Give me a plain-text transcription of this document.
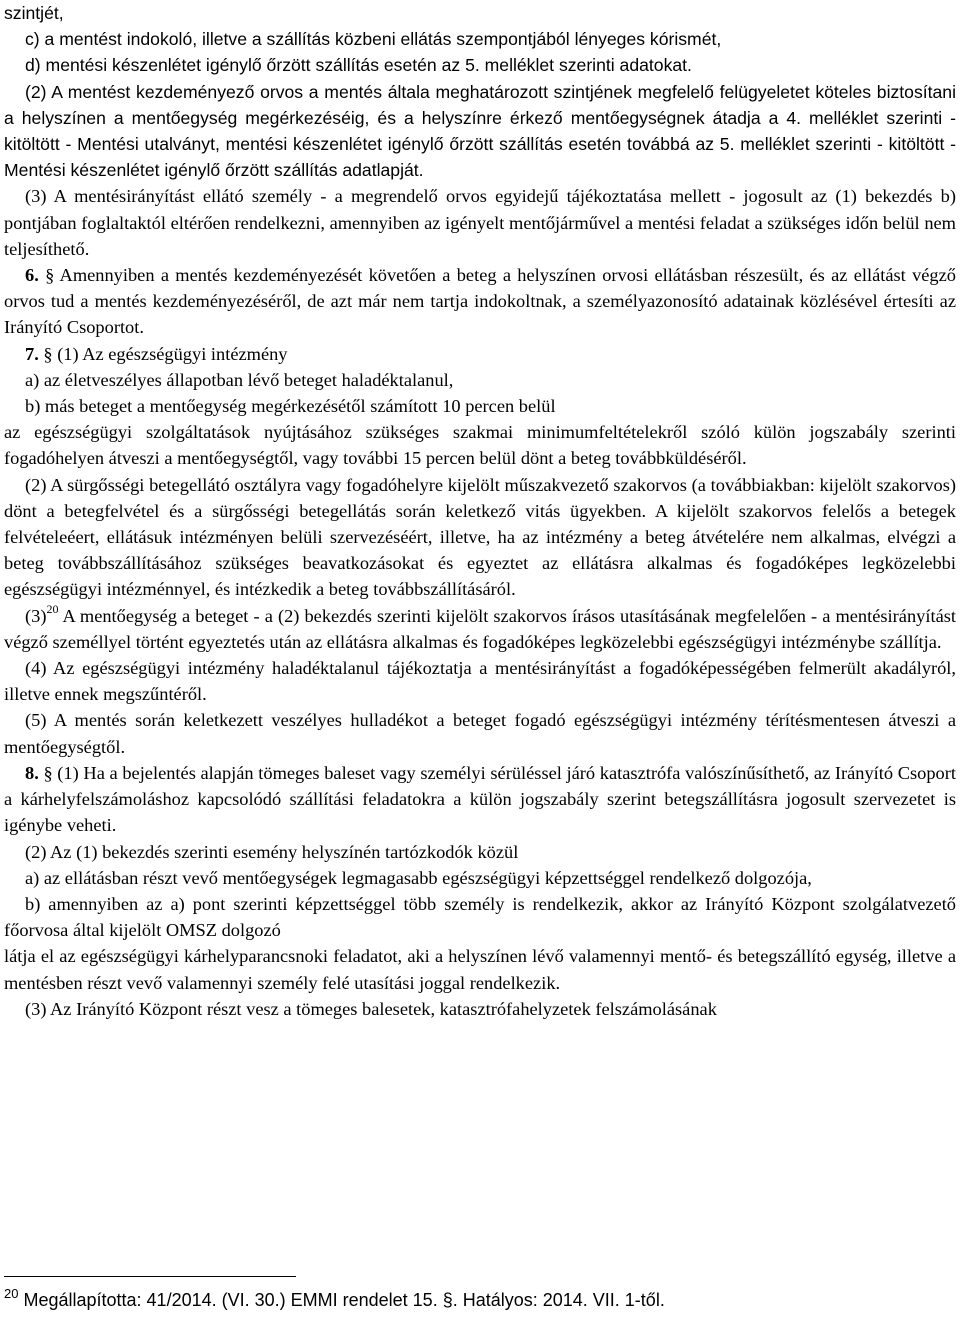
szintjét,

c) a mentést indokoló, illetve a szállítás közbeni ellátás szempontjából lényeges kórismét,

d) mentési készenlétet igénylő őrzött szállítás esetén az 5. melléklet szerinti adatokat.

(2) A mentést kezdeményező orvos a mentés általa meghatározott szintjének megfelelő felügyeletet köteles biztosítani a helyszínen a mentőegység megérkezéséig, és a helyszínre érkező mentőegységnek átadja a 4. melléklet szerinti - kitöltött - Mentési utalványt, mentési készenlétet igénylő őrzött szállítás esetén továbbá az 5. melléklet szerinti - kitöltött - Mentési készenlétet igénylő őrzött szállítás adatlapját.

(3) A mentésirányítást ellátó személy - a megrendelő orvos egyidejű tájékoztatása mellett - jogosult az (1) bekezdés b) pontjában foglaltaktól eltérően rendelkezni, amennyiben az igényelt mentőjárművel a mentési feladat a szükséges időn belül nem teljesíthető.

6. § Amennyiben a mentés kezdeményezését követően a beteg a helyszínen orvosi ellátásban részesült, és az ellátást végző orvos tud a mentés kezdeményezéséről, de azt már nem tartja indokoltnak, a személyazonosító adatainak közlésével értesíti az Irányító Csoportot.

7. § (1) Az egészségügyi intézmény

a) az életveszélyes állapotban lévő beteget haladéktalanul,

b) más beteget a mentőegység megérkezésétől számított 10 percen belül

az egészségügyi szolgáltatások nyújtásához szükséges szakmai minimumfeltételekről szóló külön jogszabály szerinti fogadóhelyen átveszi a mentőegységtől, vagy további 15 percen belül dönt a beteg továbbküldéséről.

(2) A sürgősségi betegellátó osztályra vagy fogadóhelyre kijelölt műszakvezető szakorvos (a továbbiakban: kijelölt szakorvos) dönt a betegfelvétel és a sürgősségi betegellátás során keletkező vitás ügyekben. A kijelölt szakorvos felelős a betegek felvételeéert, ellátásuk intézményen belüli szervezéséért, illetve, ha az intézmény a beteg átvételére nem alkalmas, elvégzi a beteg továbbszállításához szükséges beavatkozásokat és egyeztet az ellátásra alkalmas és fogadóképes legközelebbi egészségügyi intézménnyel, és intézkedik a beteg továbbszállításáról.

$(3)^{20}$ A mentőegység a beteget - a (2) bekezdés szerinti kijelölt szakorvos írásos utasításának megfelelően - a mentésirányítást végző személlyel történt egyeztetés után az ellátásra alkalmas és fogadóképes legközelebbi egészségügyi intézménybe szállítja.

(4) Az egészségügyi intézmény haladéktalanul tájékoztatja a mentésirányítást a fogadóképességében felmerült akadályról, illetve ennek megszűntéről.

(5) A mentés során keletkezett veszélyes hulladékot a beteget fogadó egészségügyi intézmény térítésmentesen átveszi a mentőegységtől.

8. § (1) Ha a bejelentés alapján tömeges baleset vagy személyi sérüléssel járó katasztrófa valószínűsíthető, az Irányító Csoport a kárhelyfelszámoláshoz kapcsolódó szállítási feladatokra a külön jogszabály szerint betegszállításra jogosult szervezetet is igénybe veheti.

(2) Az (1) bekezdés szerinti esemény helyszínén tartózkodók közül

a) az ellátásban részt vevő mentőegységek legmagasabb egészségügyi képzettséggel rendelkező dolgozója,

b) amennyiben az a) pont szerinti képzettséggel több személy is rendelkezik, akkor az Irányító Központ szolgálatvezető főorvosa által kijelölt OMSZ dolgozó

látja el az egészségügyi kárhelyparancsnoki feladatot, aki a helyszínen lévő valamennyi mentő- és betegszállító egység, illetve a mentésben részt vevő valamennyi személy felé utasítási joggal rendelkezik.

(3) Az Irányító Központ részt vesz a tömeges balesetek, katasztrófahelyzetek felszámolásának

$^{20}$ Megállapította: 41/2014. (VI. 30.) EMMI rendelet 15. §. Hatályos: 2014. VII. 1-től.
